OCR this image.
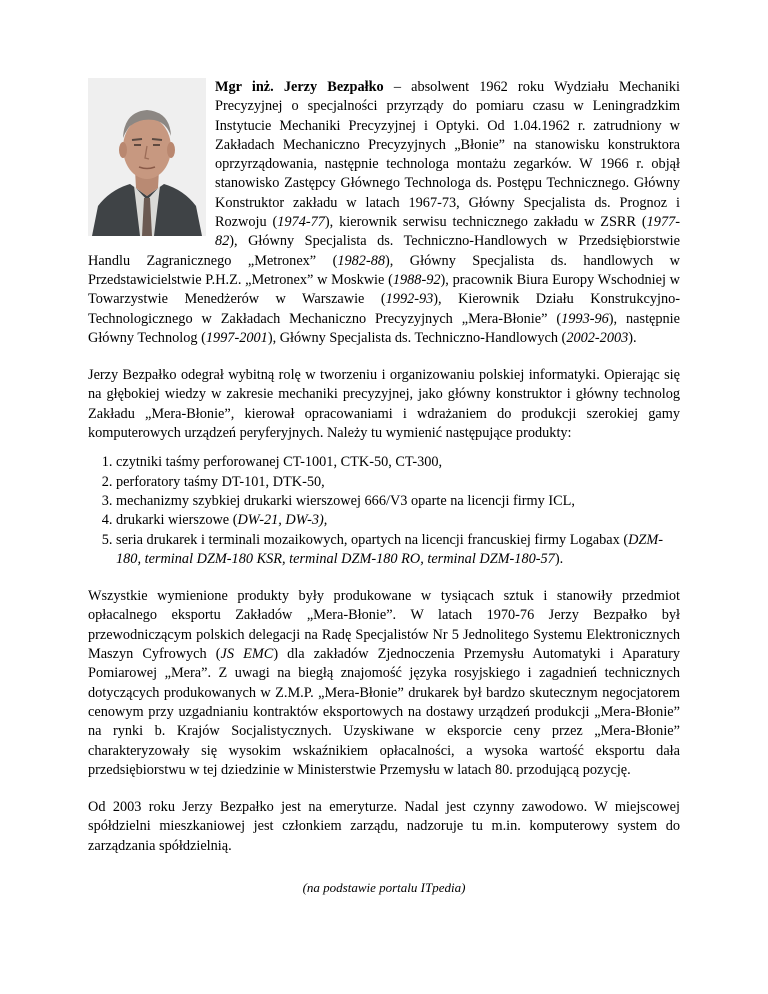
Mgr inż. Jerzy Bezpałko – absolwent 1962 roku Wydziału Mechaniki Precyzyjnej o specjalności przyrządy do pomiaru czasu w Leningradzkim Instytucie Mechaniki Precyzyjnej i Optyki. Od 1.04.1962 r. zatrudniony w Zakładach Mechaniczno Precyzyjnych „Błonie” na stanowisku konstruktora oprzyrządowania, następnie technologa montażu zegarków. W 1966 r. objął stanowisko Zastępcy Głównego Technologa ds. Postępu Technicznego. Główny Konstruktor zakładu w latach 1967-73, Główny Specjalista ds. Prognoz i Rozwoju (1974-77), kierownik serwisu technicznego zakładu w ZSRR (1977-82), Główny Specjalista ds. Techniczno-Handlowych w Przedsiębiorstwie Handlu Zagranicznego „Metronex” (1982-88), Główny Specjalista ds. handlowych w Przedstawicielstwie P.H.Z. „Metronex” w Moskwie (1988-92), pracownik Biura Europy Wschodniej w Towarzystwie Menedżerów w Warszawie (1992-93), Kierownik Działu Konstrukcyjno-Technologicznego w Zakładach Mechaniczno Precyzyjnych „Mera-Błonie” (1993-96), następnie Główny Technolog (1997-2001), Główny Specjalista ds. Techniczno-Handlowych (2002-2003).

Jerzy Bezpałko odegrał wybitną rolę w tworzeniu i organizowaniu polskiej informatyki. Opierając się na głębokiej wiedzy w zakresie mechaniki precyzyjnej, jako główny konstruktor i główny technolog Zakładu „Mera-Błonie”, kierował opracowaniami i wdrażaniem do produkcji szerokiej gamy komputerowych urządzeń peryferyjnych. Należy tu wymienić następujące produkty:

1. czytniki taśmy perforowanej CT-1001, CTK-50, CT-300,
2. perforatory taśmy DT-101, DTK-50,
3. mechanizmy szybkiej drukarki wierszowej 666/V3 oparte na licencji firmy ICL,
4. drukarki wierszowe (DW-21, DW-3),
5. seria drukarek i terminali mozaikowych, opartych na licencji francuskiej firmy Logabax (DZM-180, terminal DZM-180 KSR, terminal DZM-180 RO, terminal DZM-180-57).

Wszystkie wymienione produkty były produkowane w tysiącach sztuk i stanowiły przedmiot opłacalnego eksportu Zakładów „Mera-Błonie”. W latach 1970-76 Jerzy Bezpałko był przewodniczącym polskich delegacji na Radę Specjalistów Nr 5 Jednolitego Systemu Elektronicznych Maszyn Cyfrowych (JS EMC) dla zakładów Zjednoczenia Przemysłu Automatyki i Aparatury Pomiarowej „Mera”. Z uwagi na biegłą znajomość języka rosyjskiego i zagadnień technicznych dotyczących produkowanych w Z.M.P. „Mera-Błonie” drukarek był bardzo skutecznym negocjatorem cenowym przy uzgadnianiu kontraktów eksportowych na dostawy urządzeń produkcji „Mera-Błonie” na rynki b. Krajów Socjalistycznych. Uzyskiwane w eksporcie ceny przez „Mera-Błonie” charakteryzowały się wysokim wskaźnikiem opłacalności, a wysoka wartość eksportu dała przedsiębiorstwu w tej dziedzinie w Ministerstwie Przemysłu w latach 80. przodującą pozycję.

Od 2003 roku Jerzy Bezpałko jest na emeryturze. Nadal jest czynny zawodowo. W miejscowej spółdzielni mieszkaniowej jest członkiem zarządu, nadzoruje tu m.in. komputerowy system do zarządzania spółdzielnią.

(na podstawie portalu ITpedia)
